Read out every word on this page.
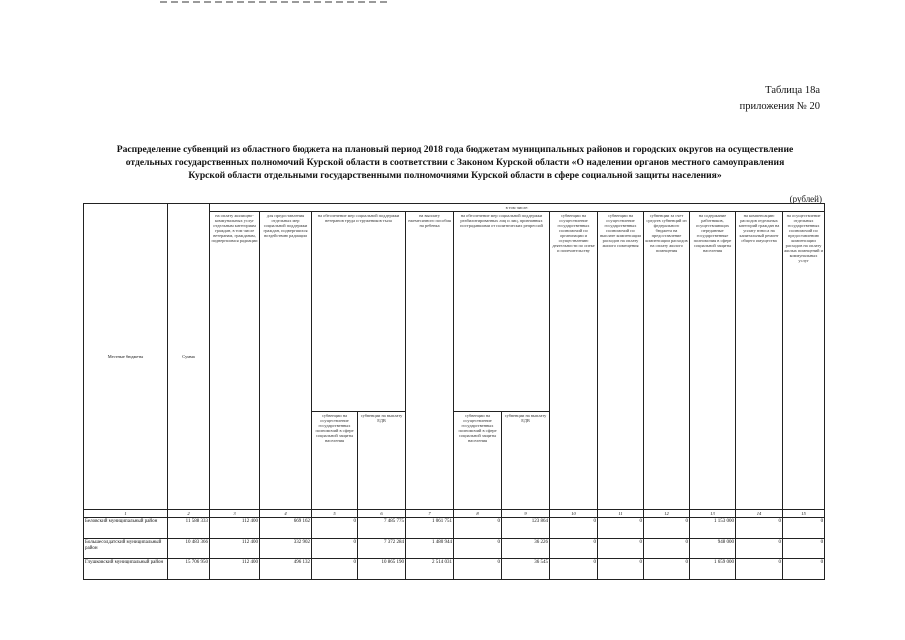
Таблица 18а
приложения № 20
Распределение субвенций из областного бюджета на плановый период 2018 года бюджетам муниципальных районов и городских округов на осуществление
отдельных государственных полномочий Курской области в соответствии с Законом Курской области «О наделении органов местного самоуправления
Курской области отдельными государственными полномочиями Курской области в сфере социальной защиты населения»
(рублей)
Местные бюджеты	Сумма	в том числе:												
		на оплату жилищно-коммунальных услуг отдельным категориям граждан, в том числе ветеранам, гражданам, подвергшимся радиации	для предоставления отдельных мер социальной поддержки граждан, подвергшихся воздействию радиации	на обеспечение мер социальной поддержки ветеранов труда и тружеников тыла		на выплату ежемесячного пособия на ребенка	на обеспечение мер социальной поддержки реабилитированных лиц и лиц, признанных пострадавшими от политических репрессий		субвенции на осуществление государственных полномочий по организации и осуществлению деятельности по опеке и попечительству	субвенции на осуществление государственных полномочий по выплате компенсации расходов на оплату жилого помещения	субвенции за счет средств субвенций из федерального бюджета на предоставление компенсации расходов на оплату жилого помещения	на содержание работников, осуществляющих переданные государственные полномочия в сфере социальной защиты населения	на компенсацию расходов отдельных категорий граждан на уплату взноса на капитальный ремонт общего имущества	на осуществление отдельных государственных полномочий по предоставлению компенсации расходов на оплату жилых помещений и коммунальных услуг
				субвенции на осуществление государственных полномочий в сфере социальной защиты населения	субвенции на выплату ЕДВ		субвенции на осуществление государственных полномочий в сфере социальной защиты населения	субвенции на выплату ЕДВ						
1	2	3	4	5	6	7	8	9	10	11	12	13	14	15
Беловский муниципальный район	11 588 333	112 400	669 162	0	7 485 775	1 061 751	0	123 864	0	0	0	1 153 000	0	0
Большесолдатский муниципальный район	10 483 366	112 400	332 902	0	7 372 284	1 480 944	0	36 226	0	0	0	948 000	0	0
Глушковский муниципальный район	15 706 950	112 400	496 132	0	10 865 190	2 514 031	0	36 545	0	0	0	1 659 000	0	0
